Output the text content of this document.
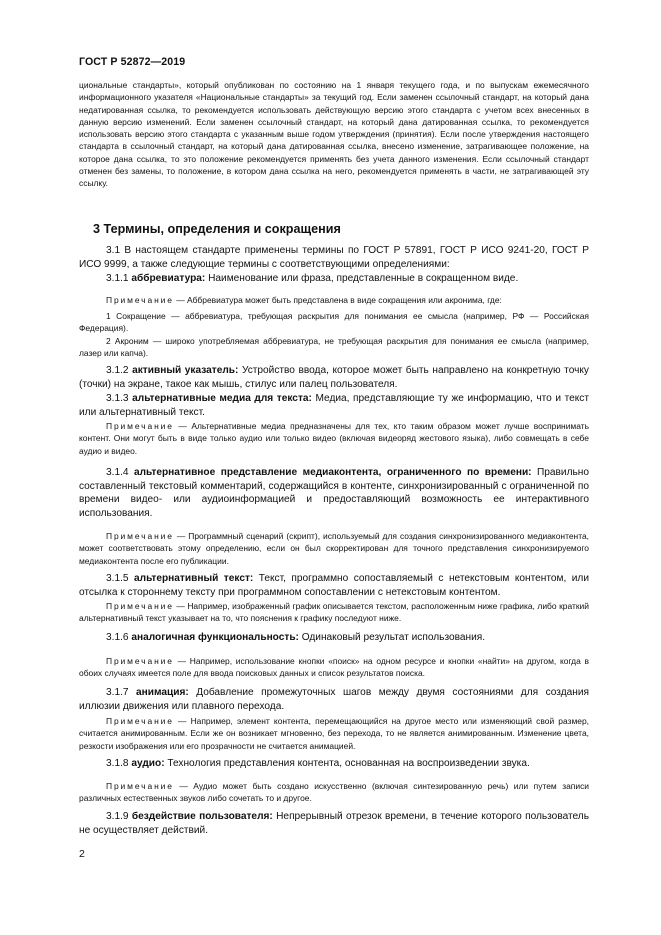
ГОСТ Р 52872—2019

циональные стандарты», который опубликован по состоянию на 1 января текущего года, и по выпускам ежемесячного информационного указателя «Национальные стандарты» за текущий год. Если заменен ссылочный стандарт, на который дана недатированная ссылка, то рекомендуется использовать действующую версию этого стандарта с учетом всех внесенных в данную версию изменений. Если заменен ссылочный стандарт, на который дана датированная ссылка, то рекомендуется использовать версию этого стандарта с указанным выше годом утверждения (принятия). Если после утверждения настоящего стандарта в ссылочный стандарт, на который дана датированная ссылка, внесено изменение, затрагивающее положение, на которое дана ссылка, то это положение рекомендуется применять без учета данного изменения. Если ссылочный стандарт отменен без замены, то положение, в котором дана ссылка на него, рекомендуется применять в части, не затрагивающей эту ссылку.

3 Термины, определения и сокращения

3.1 В настоящем стандарте применены термины по ГОСТ Р 57891, ГОСТ Р ИСО 9241-20, ГОСТ Р ИСО 9999, а также следующие термины с соответствующими определениями:

3.1.1 аббревиатура: Наименование или фраза, представленные в сокращенном виде.

Примечание — Аббревиатура может быть представлена в виде сокращения или акронима, где:

1 Сокращение — аббревиатура, требующая раскрытия для понимания ее смысла (например, РФ — Российская Федерация).

2 Акроним — широко употребляемая аббревиатура, не требующая раскрытия для понимания ее смысла (например, лазер или капча).

3.1.2 активный указатель: Устройство ввода, которое может быть направлено на конкретную точку (точки) на экране, такое как мышь, стилус или палец пользователя.

3.1.3 альтернативные медиа для текста: Медиа, представляющие ту же информацию, что и текст или альтернативный текст.

Примечание — Альтернативные медиа предназначены для тех, кто таким образом может лучше воспринимать контент. Они могут быть в виде только аудио или только видео (включая видеоряд жестового языка), либо совмещать в себе аудио и видео.

3.1.4 альтернативное представление медиаконтента, ограниченного по времени: Правильно составленный текстовый комментарий, содержащийся в контенте, синхронизированный с ограниченной по времени видео- или аудиоинформацией и предоставляющий возможность ее интерактивного использования.

Примечание — Программный сценарий (скрипт), используемый для создания синхронизированного медиаконтента, может соответствовать этому определению, если он был скорректирован для точного представления синхронизируемого медиаконтента после его публикации.

3.1.5 альтернативный текст: Текст, программно сопоставляемый с нетекстовым контентом, или отсылка к стороннему тексту при программном сопоставлении с нетекстовым контентом.

Примечание — Например, изображенный график описывается текстом, расположенным ниже графика, либо краткий альтернативный текст указывает на то, что пояснения к графику последуют ниже.

3.1.6 аналогичная функциональность: Одинаковый результат использования.

Примечание — Например, использование кнопки «поиск» на одном ресурсе и кнопки «найти» на другом, когда в обоих случаях имеется поле для ввода поисковых данных и список результатов поиска.

3.1.7 анимация: Добавление промежуточных шагов между двумя состояниями для создания иллюзии движения или плавного перехода.

Примечание — Например, элемент контента, перемещающийся на другое место или изменяющий свой размер, считается анимированным. Если же он возникает мгновенно, без перехода, то не является анимированным. Изменение цвета, резкости изображения или его прозрачности не считается анимацией.

3.1.8 аудио: Технология представления контента, основанная на воспроизведении звука.

Примечание — Аудио может быть создано искусственно (включая синтезированную речь) или путем записи различных естественных звуков либо сочетать то и другое.

3.1.9 бездействие пользователя: Непрерывный отрезок времени, в течение которого пользователь не осуществляет действий.

2
